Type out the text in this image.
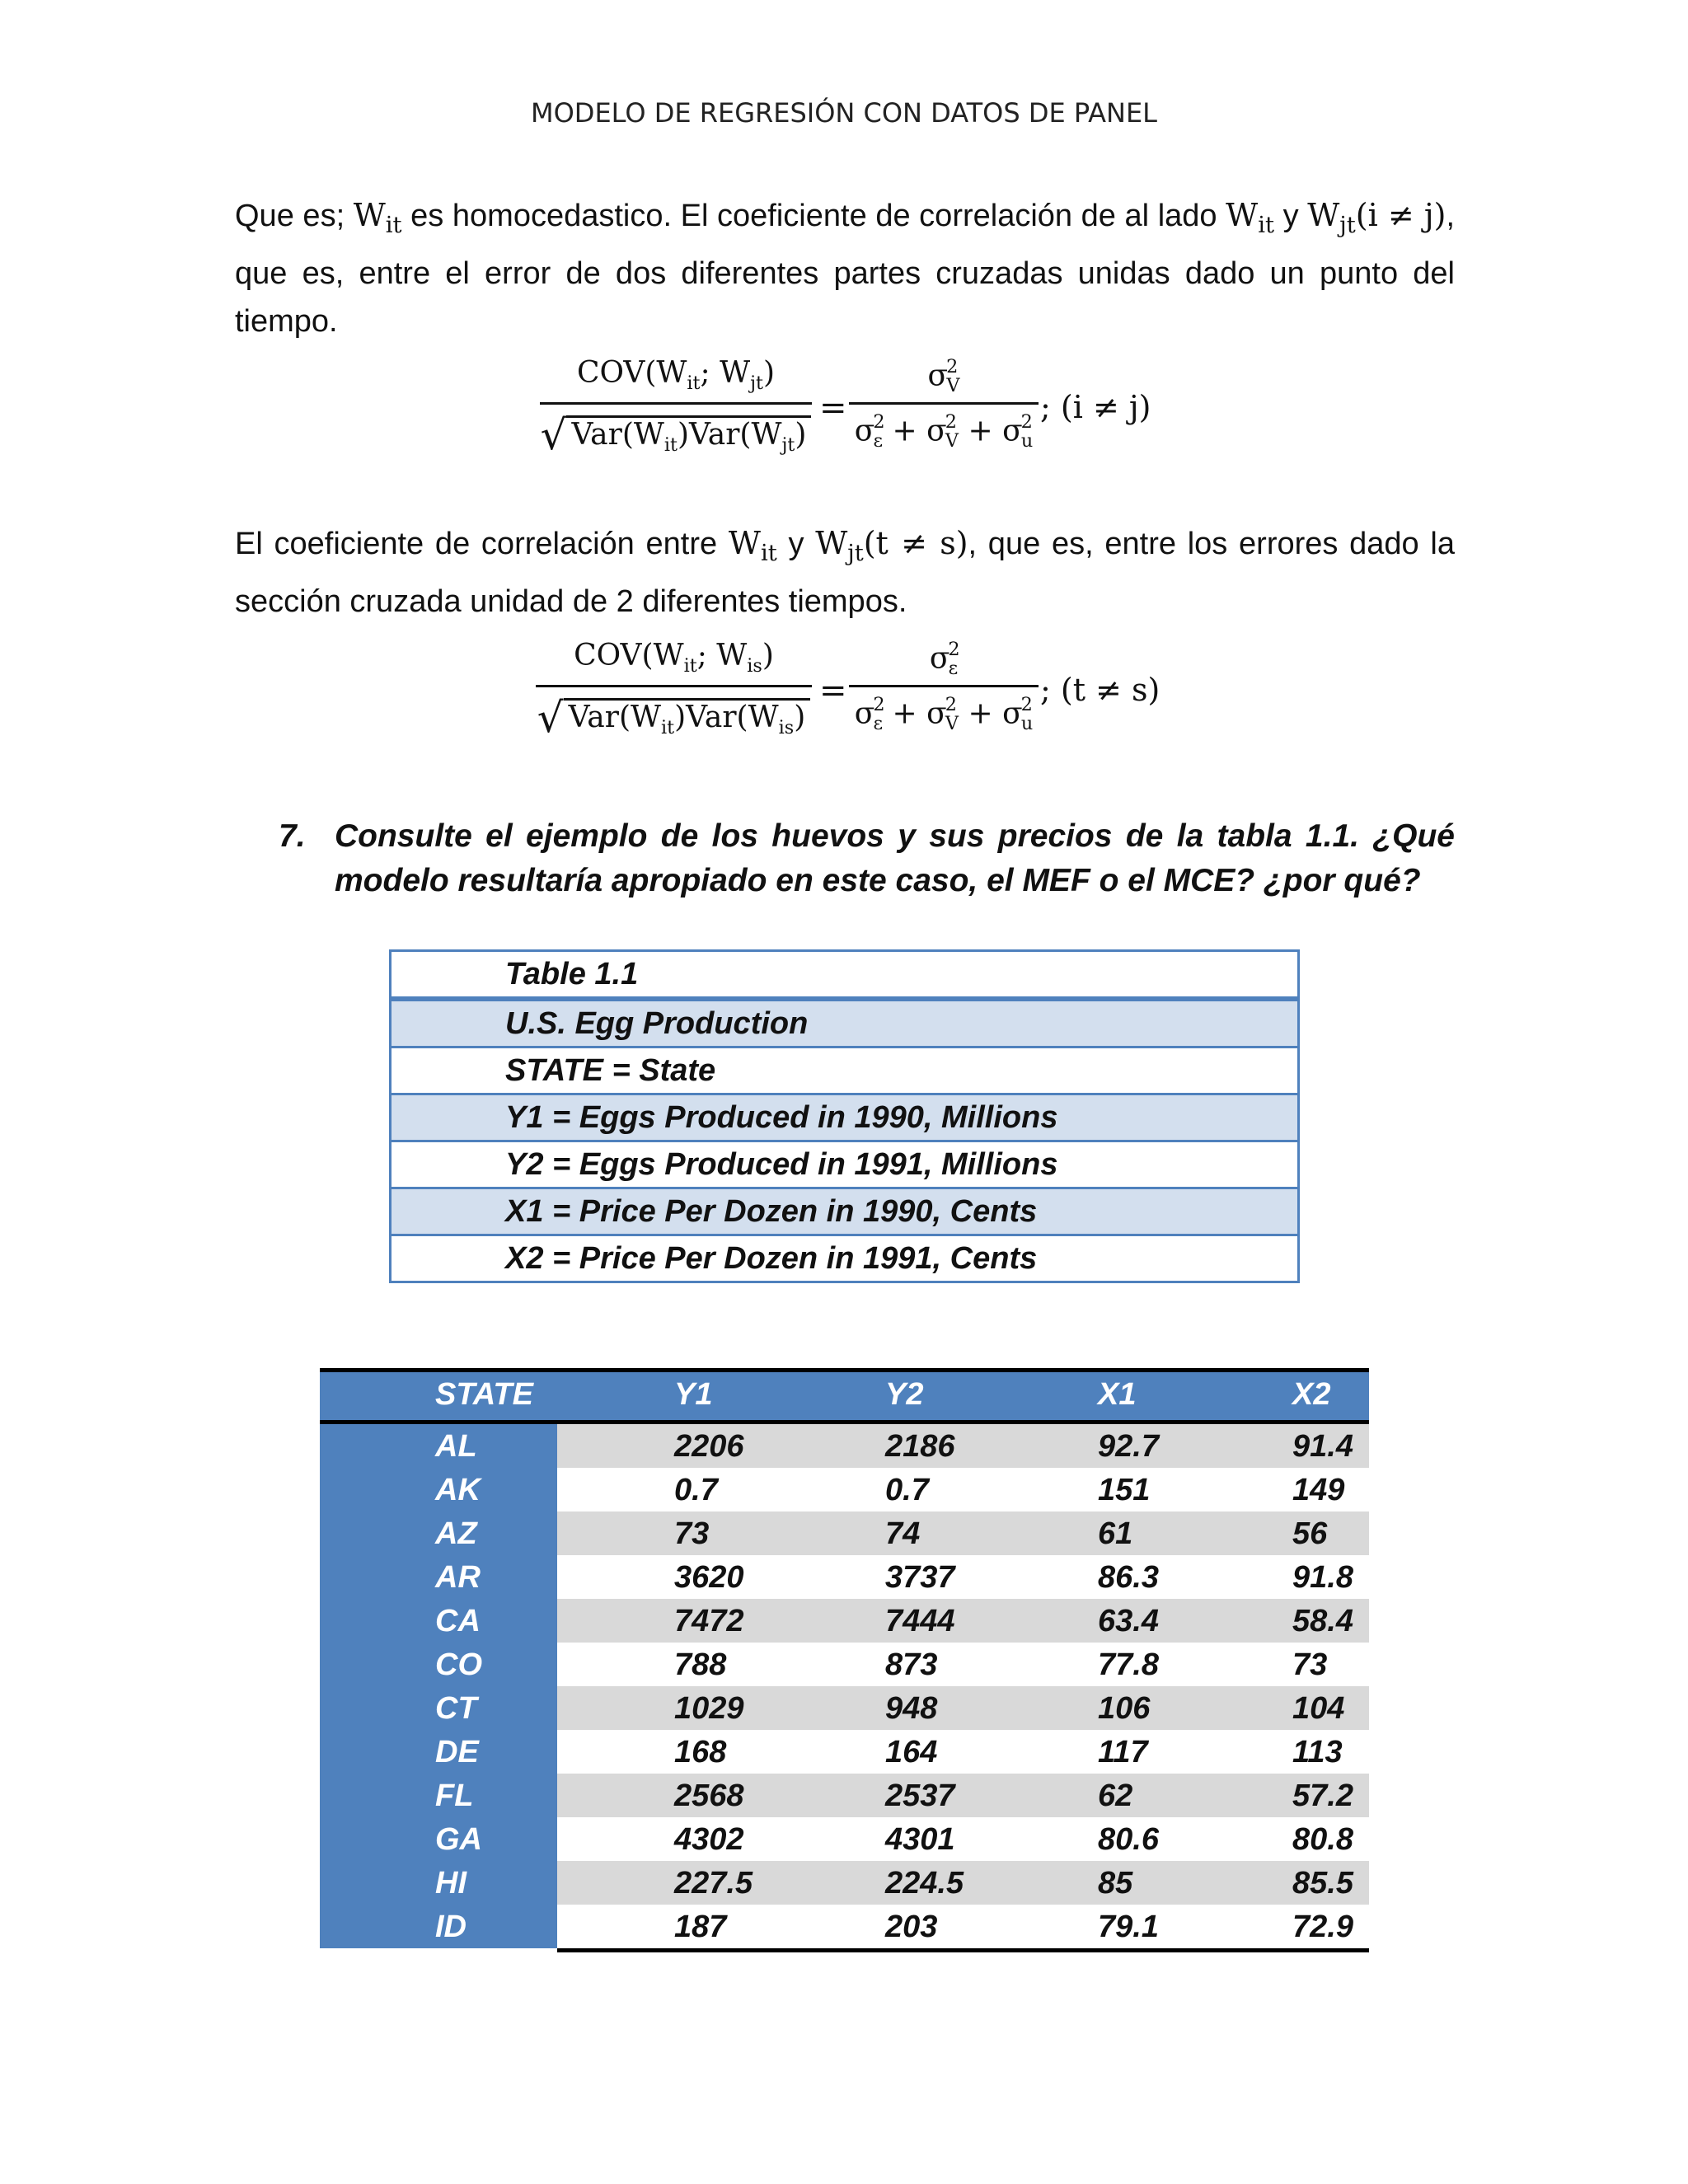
MODELO DE REGRESIÓN CON DATOS DE PANEL
Que es; $W_{it}$ es homocedastico. El coeficiente de correlación de al lado $W_{it}$ y $W_{jt}(i \ne j)$, que es, entre el error de dos diferentes partes cruzadas unidas dado un punto del tiempo.
$COV(W_{it}$; $W_{jt}$)
√ $Var(W_{it})Var(W_{jt})$
=
$\sigma^2_V$
$\sigma^2_\varepsilon + \sigma^2_V + \sigma^2_u$
; (i ≠ j)
El coeficiente de correlación entre $W_{it}$ y $W_{jt}(t \ne s)$, que es, entre los errores dado la sección cruzada unidad de 2 diferentes tiempos.
$COV(W_{it}$; $W_{is}$)
√ $Var(W_{it})Var(W_{is})$
=
$\sigma^2_\varepsilon$
$\sigma^2_\varepsilon + \sigma^2_V + \sigma^2_u$
; (t ≠ s)
7. Consulte el ejemplo de los huevos y sus precios de la tabla 1.1. ¿Qué modelo resultaría apropiado en este caso, el MEF o el MCE? ¿por qué?
Table 1.1
U.S. Egg Production
STATE = State
Y1 = Eggs Produced in 1990, Millions
Y2 = Eggs Produced in 1991, Millions
X1 = Price Per Dozen in 1990, Cents
X2 = Price Per Dozen in 1991, Cents
STATE	Y1	Y2	X1	X2
AL	2206	2186	92.7	91.4
AK	0.7	0.7	151	149
AZ	73	74	61	56
AR	3620	3737	86.3	91.8
CA	7472	7444	63.4	58.4
CO	788	873	77.8	73
CT	1029	948	106	104
DE	168	164	117	113
FL	2568	2537	62	57.2
GA	4302	4301	80.6	80.8
HI	227.5	224.5	85	85.5
ID	187	203	79.1	72.9
